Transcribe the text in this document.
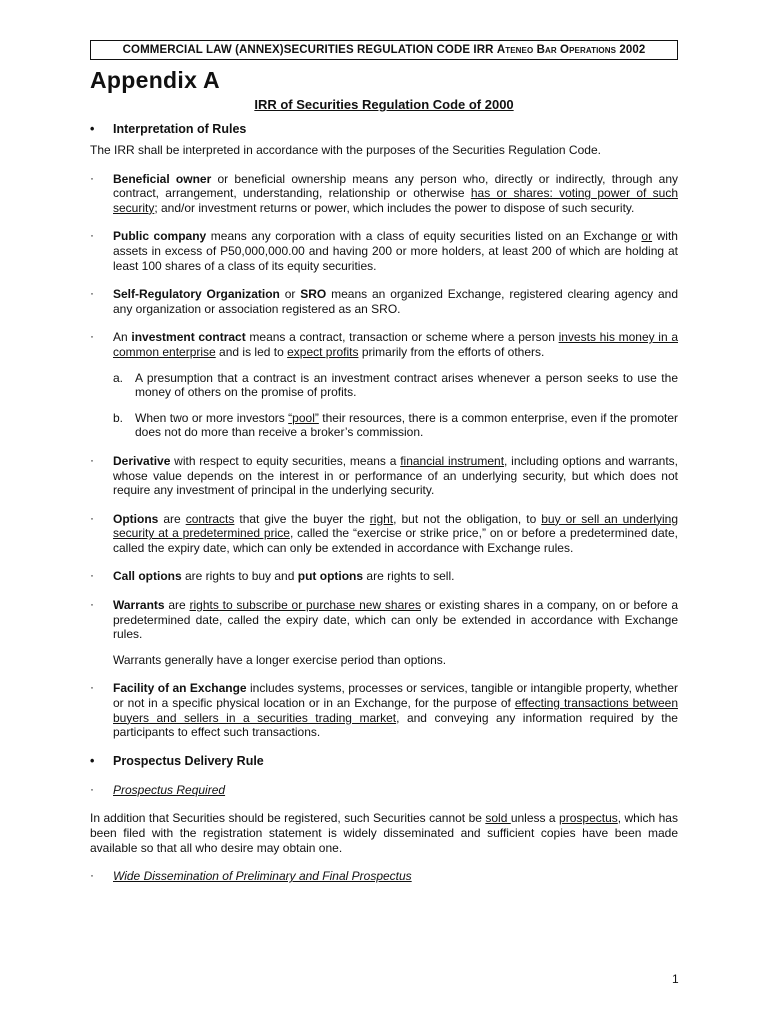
COMMERCIAL LAW (ANNEX)SECURITIES REGULATION CODE IRR Ateneo Bar Operations 2002
Appendix A
IRR of Securities Regulation Code of 2000
• Interpretation of Rules

The IRR shall be interpreted in accordance with the purposes of the Securities Regulation Code.

· Beneficial owner or beneficial ownership means any person who, directly or indirectly, through any contract, arrangement, understanding, relationship or otherwise has or shares: voting power of such security; and/or investment returns or power, which includes the power to dispose of such security.
· Public company means any corporation with a class of equity securities listed on an Exchange or with assets in excess of P50,000,000.00 and having 200 or more holders, at least 200 of which are holding at least 100 shares of a class of its equity securities.
· Self-Regulatory Organization or SRO means an organized Exchange, registered clearing agency and any organization or association registered as an SRO.
· An investment contract means a contract, transaction or scheme where a person invests his money in a common enterprise and is led to expect profits primarily from the efforts of others.
a. A presumption that a contract is an investment contract arises whenever a person seeks to use the money of others on the promise of profits.
b. When two or more investors “pool” their resources, there is a common enterprise, even if the promoter does not do more than receive a broker’s commission.
· Derivative with respect to equity securities, means a financial instrument, including options and warrants, whose value depends on the interest in or performance of an underlying security, but which does not require any investment of principal in the underlying security.
· Options are contracts that give the buyer the right, but not the obligation, to buy or sell an underlying security at a predetermined price, called the “exercise or strike price,” on or before a predetermined date, called the expiry date, which can only be extended in accordance with Exchange rules.
· Call options are rights to buy and put options are rights to sell.
· Warrants are rights to subscribe or purchase new shares or existing shares in a company, on or before a predetermined date, called the expiry date, which can only be extended in accordance with Exchange rules.

Warrants generally have a longer exercise period than options.

· Facility of an Exchange includes systems, processes or services, tangible or intangible property, whether or not in a specific physical location or in an Exchange, for the purpose of effecting transactions between buyers and sellers in a securities trading market, and conveying any information required by the participants to effect such transactions.
• Prospectus Delivery Rule
· Prospectus Required

In addition that Securities should be registered, such Securities cannot be sold unless a prospectus, which has been filed with the registration statement is widely disseminated and sufficient copies have been made available so that all who desire may obtain one.

· Wide Dissemination of Preliminary and Final Prospectus
1
